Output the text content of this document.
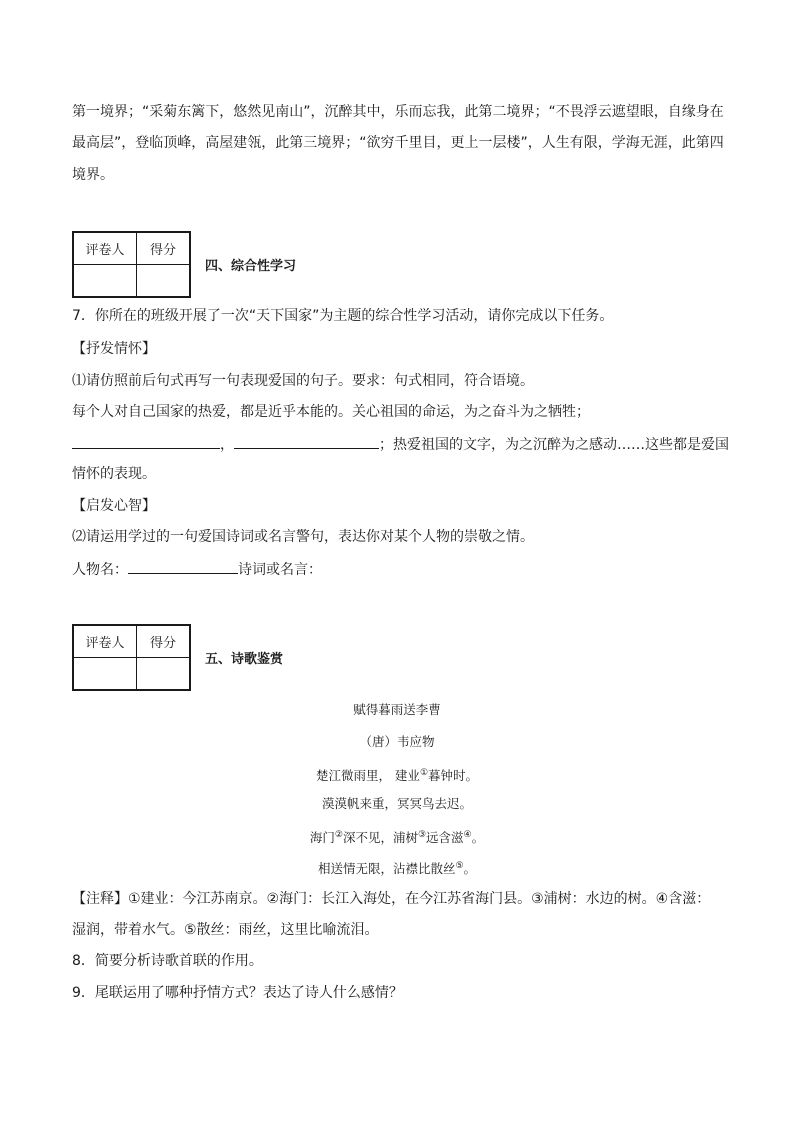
第一境界；“采菊东篱下，悠然见南山”，沉醉其中，乐而忘我，此第二境界；“不畏浮云遮望眼，自缘身在
最高层”，登临顶峰，高屋建瓴，此第三境界；“欲穷千里目，更上一层楼”，人生有限，学海无涯，此第四
境界。
评卷人	得分

四、综合性学习
7．你所在的班级开展了一次“天下国家”为主题的综合性学习活动，请你完成以下任务。
【抒发情怀】
⑴请仿照前后句式再写一句表现爱国的句子。要求：句式相同，符合语境。
每个人对自己国家的热爱，都是近乎本能的。关心祖国的命运，为之奋斗为之牺牲；
，	；热爱祖国的文字，为之沉醉为之感动……这些都是爱国
情怀的表现。
【启发心智】
⑵请运用学过的一句爱国诗词或名言警句，表达你对某个人物的崇敬之情。
人物名：	诗词或名言：
评卷人	得分

五、诗歌鉴赏
赋得暮雨送李曹
（唐）韦应物
楚江微雨里， 建业①暮钟时。
漠漠帆来重，冥冥鸟去迟。
海门②深不见，浦树③远含滋④。
相送情无限，沾襟比散丝⑤。
【注释】①建业：今江苏南京。②海门：长江入海处，在今江苏省海门县。③浦树：水边的树。④含滋：
湿润，带着水气。⑤散丝：雨丝，这里比喻流泪。
8．简要分析诗歌首联的作用。
9．尾联运用了哪种抒情方式？表达了诗人什么感情？
